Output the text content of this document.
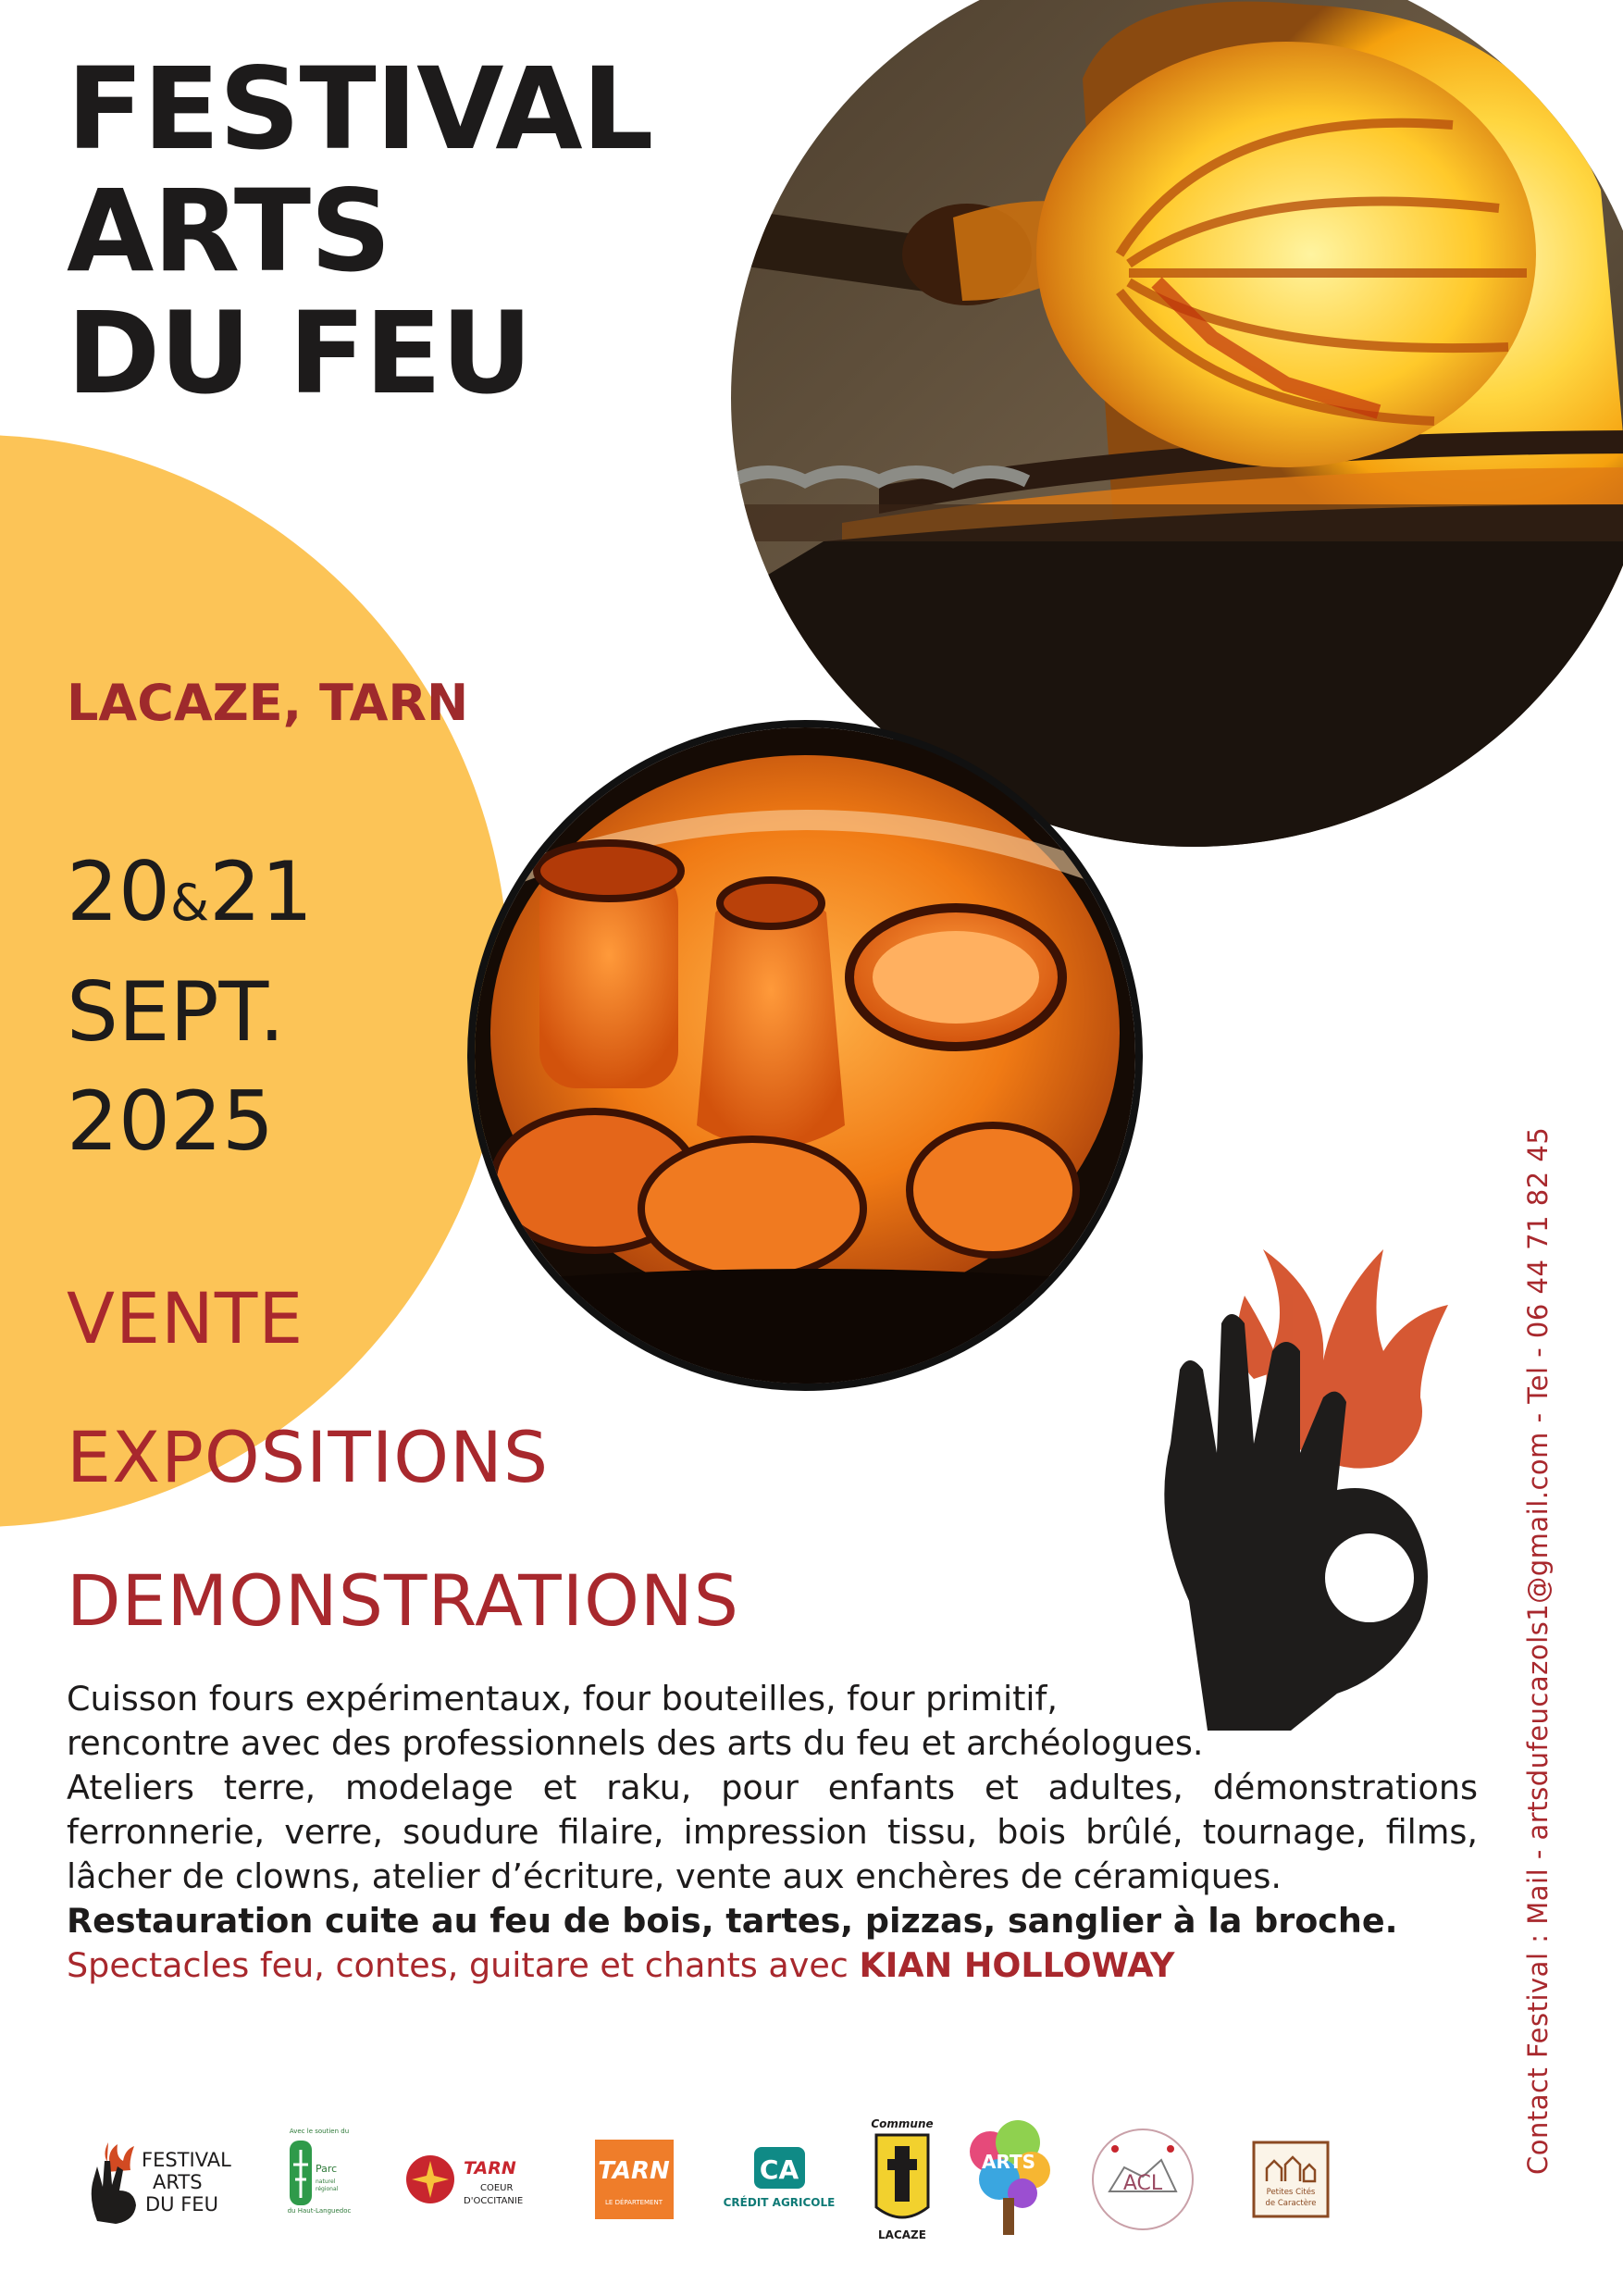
FESTIVAL
ARTS
DU FEU
LACAZE, TARN
20&21
SEPT.
2025
VENTE
EXPOSITIONS
DEMONSTRATIONS

Cuisson fours expérimentaux, four bouteilles, four primitif,

rencontre avec des professionnels des arts du feu et archéologues.

Ateliers terre, modelage et raku, pour enfants et adultes, démonstrations

ferronnerie, verre, soudure filaire, impression tissu, bois brûlé, tournage, films,

lâcher de clowns, atelier d’écriture, vente aux enchères de céramiques.

Restauration cuite au feu de bois, tartes, pizzas, sanglier à la broche.

Spectacles feu, contes, guitare et chants avec KIAN HOLLOWAY	Contact Festival : Mail - artsdufeucazols1@gmail.com - Tel - 06 44 71 82 45
FESTIVAL
ARTS
DU FEU
Avec le soutien du
Parc
naturel
régional
du Haut-Languedoc
TARN
COEUR
D'OCCITANIE
TARN
LE DÉPARTEMENT
CA
CRÉDIT AGRICOLE
Commune
LACAZE
ARTS
ACL	Petites Cités
de Caractère
